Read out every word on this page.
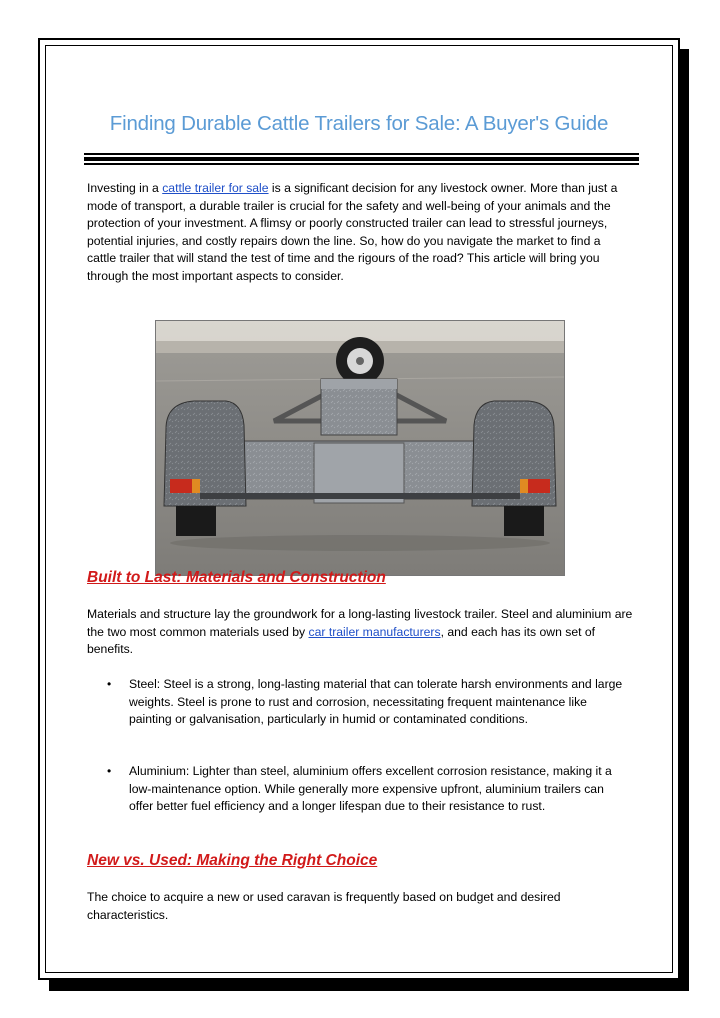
Finding Durable Cattle Trailers for Sale: A Buyer's Guide

Investing in a cattle trailer for sale is a significant decision for any livestock owner. More than just a mode of transport, a durable trailer is crucial for the safety and well-being of your animals and the protection of your investment. A flimsy or poorly constructed trailer can lead to stressful journeys, potential injuries, and costly repairs down the line. So, how do you navigate the market to find a cattle trailer that will stand the test of time and the rigours of the road? This article will bring you through the most important aspects to consider.

Built to Last: Materials and Construction

Materials and structure lay the groundwork for a long-lasting livestock trailer. Steel and aluminium are the two most common materials used by car trailer manufacturers, and each has its own set of benefits.

• Steel: Steel is a strong, long-lasting material that can tolerate harsh environments and large weights. Steel is prone to rust and corrosion, necessitating frequent maintenance like painting or galvanisation, particularly in humid or contaminated conditions.

• Aluminium: Lighter than steel, aluminium offers excellent corrosion resistance, making it a low-maintenance option. While generally more expensive upfront, aluminium trailers can offer better fuel efficiency and a longer lifespan due to their resistance to rust.

New vs. Used: Making the Right Choice

The choice to acquire a new or used caravan is frequently based on budget and desired characteristics.
